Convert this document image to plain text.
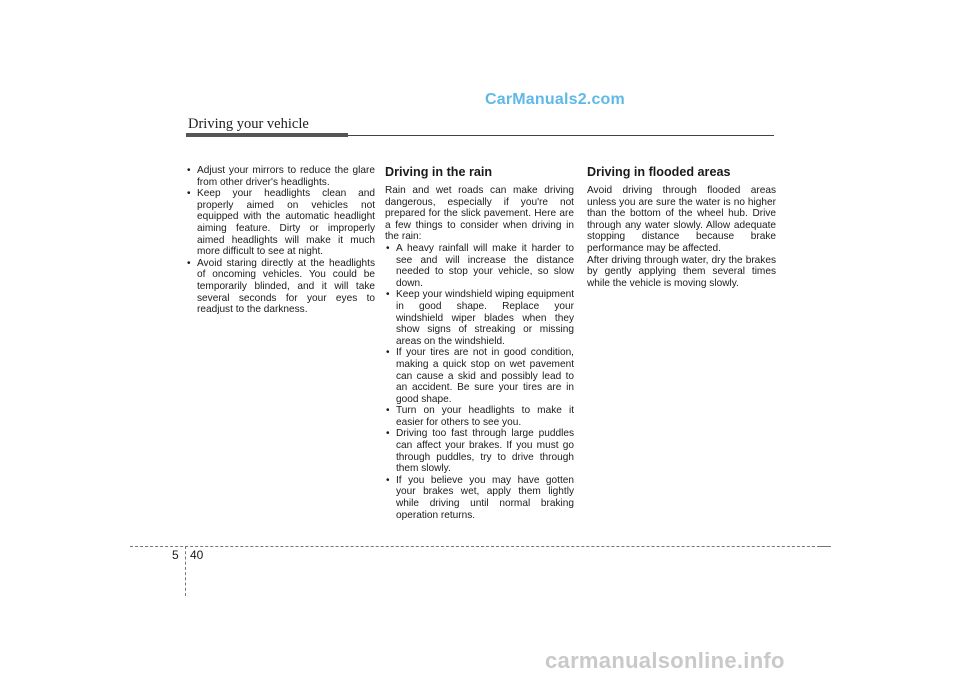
CarManuals2.com
Driving your vehicle
• Adjust your mirrors to reduce the glare from other driver's headlights.
• Keep your headlights clean and properly aimed on vehicles not equipped with the automatic headlight aiming feature. Dirty or improperly aimed headlights will make it much more difficult to see at night.
• Avoid staring directly at the headlights of oncoming vehicles. You could be temporarily blinded, and it will take several seconds for your eyes to readjust to the darkness.
Driving in the rain

Rain and wet roads can make driving dangerous, especially if you're not prepared for the slick pavement. Here are a few things to consider when driving in the rain:

• A heavy rainfall will make it harder to see and will increase the distance needed to stop your vehicle, so slow down.
• Keep your windshield wiping equipment in good shape. Replace your windshield wiper blades when they show signs of streaking or missing areas on the windshield.
• If your tires are not in good condition, making a quick stop on wet pavement can cause a skid and possibly lead to an accident. Be sure your tires are in good shape.
• Turn on your headlights to make it easier for others to see you.
• Driving too fast through large puddles can affect your brakes. If you must go through puddles, try to drive through them slowly.
• If you believe you may have gotten your brakes wet, apply them lightly while driving until normal braking operation returns.
Driving in flooded areas

Avoid driving through flooded areas unless you are sure the water is no higher than the bottom of the wheel hub. Drive through any water slowly. Allow adequate stopping distance because brake performance may be affected.

After driving through water, dry the brakes by gently applying them several times while the vehicle is moving slowly.

5 40
carmanualsonline.info
